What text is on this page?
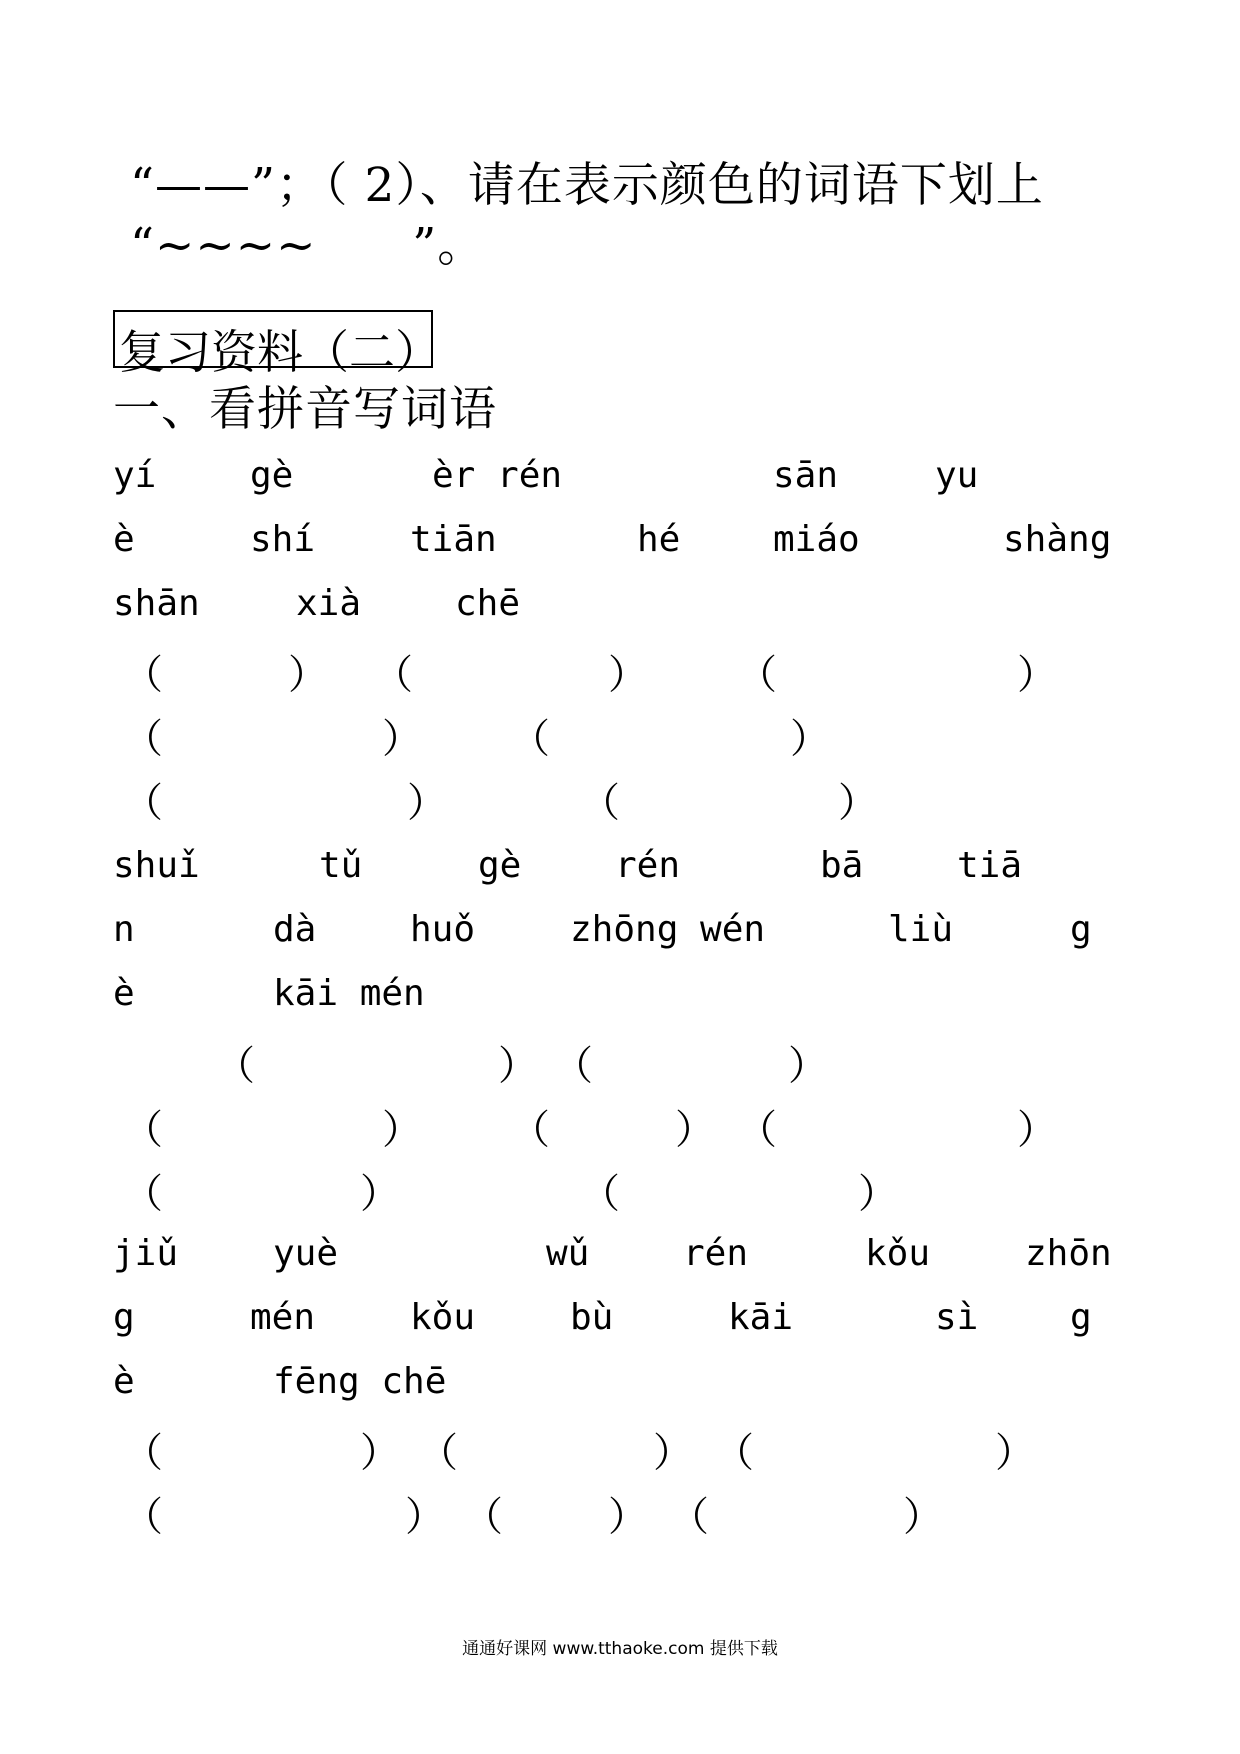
“——”；（ 2）、请在表示颜色的词语下划上
“~~~~      ”。
复习资料（二）
一、看拼音写词语
yí	gè	èr rén	sān	yu
è	shí	tiān	hé	miáo	shàng
shān	xià	chē
（	） （	） （	）
（	） （	）
（	）	（	）
shuǐ	tǔ	gè	rén	bā	tiā
n	dà	huǒ	zhōng wén	liù	g
è	kāi mén
（	） （	）
（	） （	） （	）
（	）	（	）
jiǔ	yuè	wǔ	rén	kǒu	zhōn
g	mén	kǒu	bù	kāi	sì	g
è	fēng chē
（	） （	） （	）
（	） （	） （	）
通通好课网 www.tthaoke.com 提供下载
